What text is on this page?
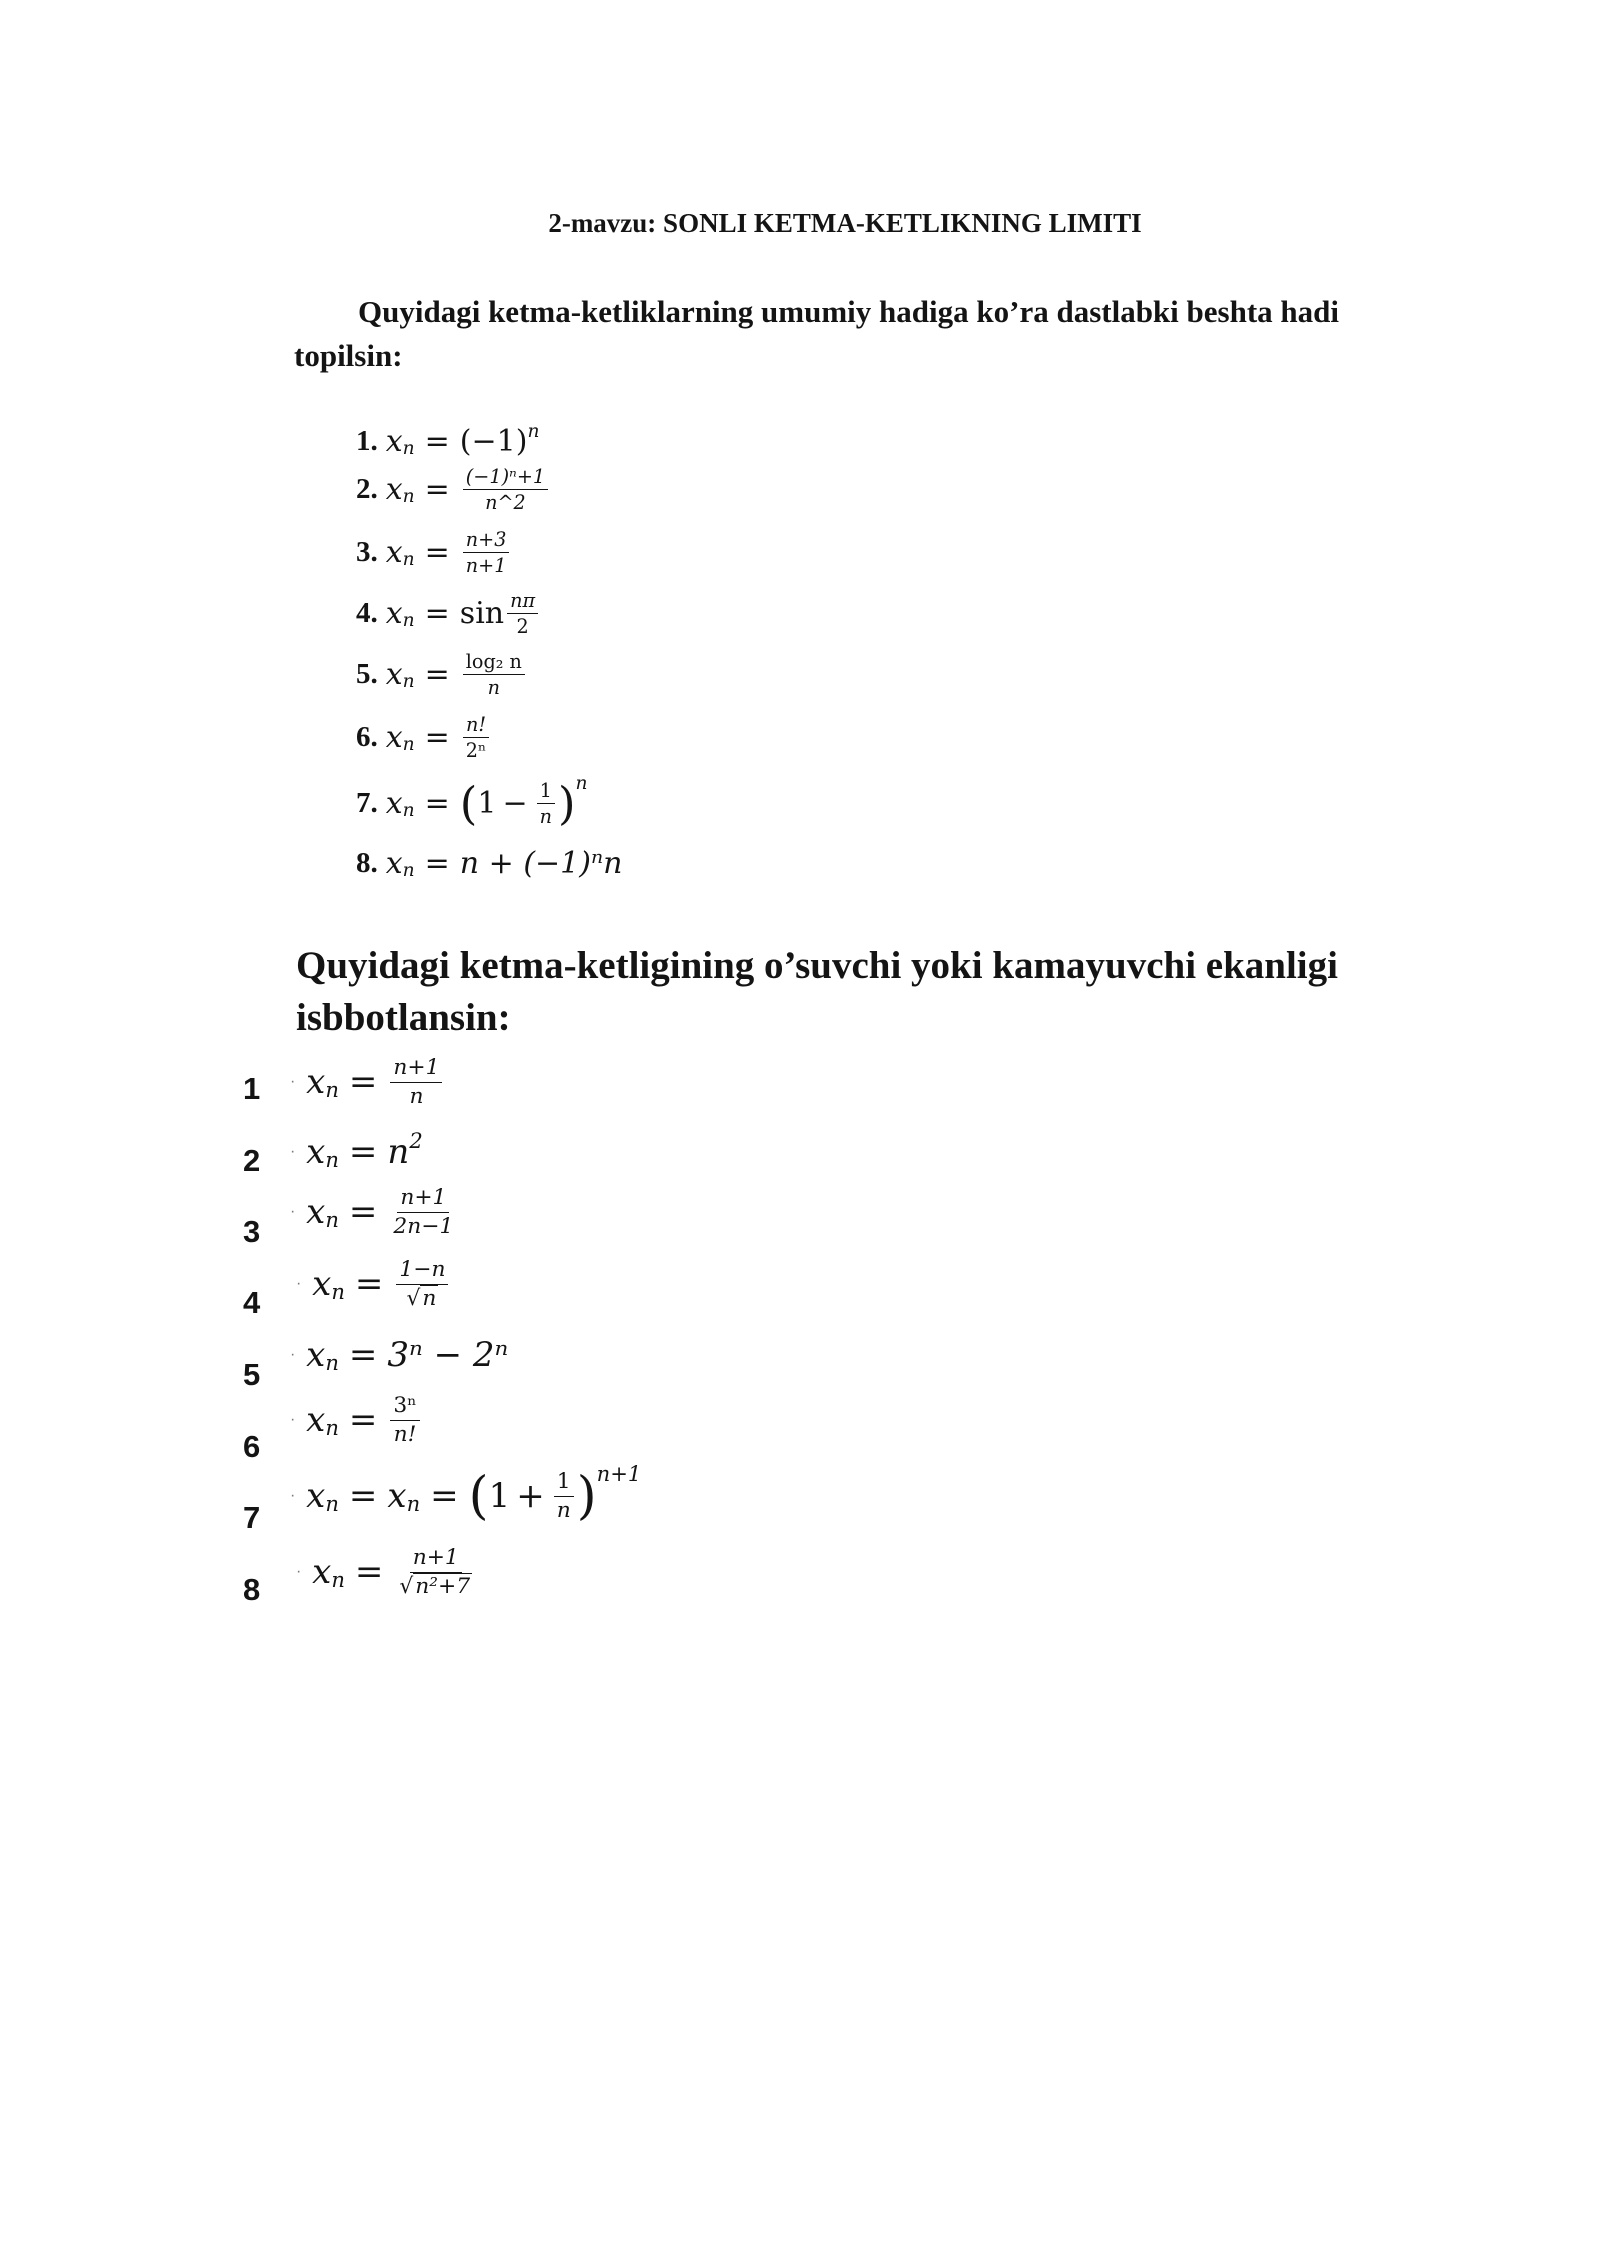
2-mavzu: SONLI KETMA-KETLIKNING LIMITI
Quyidagi ketma-ketliklarning umumiy hadiga ko’ra dastlabki beshta hadi topilsin:
1. x n = (−1) n
2. x $n = \frac{\text{(−1)ⁿ+1}}{n\^{}2}$
3. x $n = \frac{n+3}{n+1}$
4. x $n = \sin \frac{n\pi}{2}$
5. x $n = \frac{\text{log₂ n}}{n}$
6. x $n = \frac{n!}{\text{2ⁿ}}$
7. x n = ( $1 - \frac{1}{n}$ ) n
8. x n = n + (−1)ⁿn
Quyidagi ketma-ketligining o’suvchi yoki kamayuvchi ekanligi isbbotlansin:
1
2
3
4
5
6
7
8
·
x $n = \frac{n+1}{n}$
·
x n = n 2
·
x $n = \frac{n+1}{2n-1}$
·
x $n = \frac{1-n}{√n}$
·
x n = 3ⁿ − 2ⁿ
·
x $n = \frac{\text{3ⁿ}}{n!}$
·
x n = x n = ( $1 + \frac{1}{n}$ ) n+1
·
x $n = \frac{n+1}{\text{√n²+7}}$
